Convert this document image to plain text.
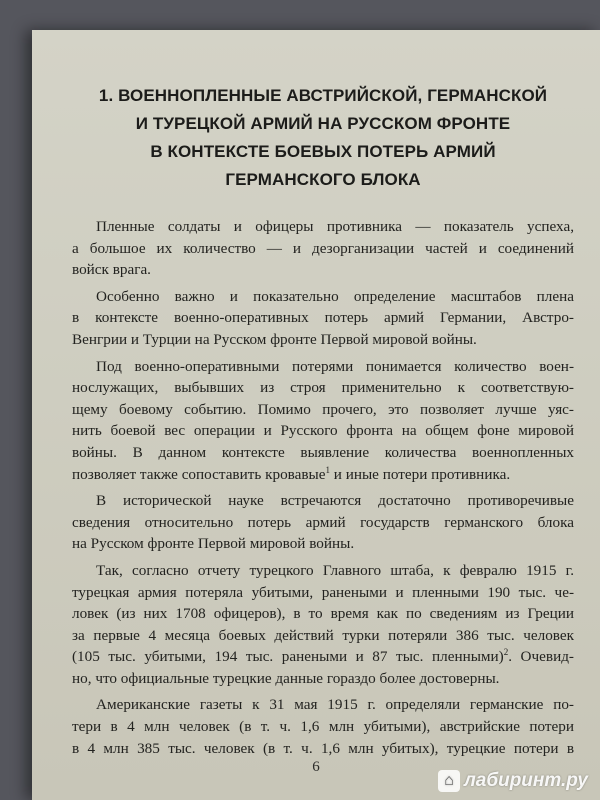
1. ВОЕННОПЛЕННЫЕ АВСТРИЙСКОЙ, ГЕРМАНСКОЙ
И ТУРЕЦКОЙ АРМИЙ НА РУССКОМ ФРОНТЕ
В КОНТЕКСТЕ БОЕВЫХ ПОТЕРЬ АРМИЙ
ГЕРМАНСКОГО БЛОКА

Пленные солдаты и офицеры противника — показатель успеха,
а большое их количество — и дезорганизации частей и соединений
войск врага.

Особенно важно и показательно определение масштабов плена
в контексте военно-оперативных потерь армий Германии, Австро-
Венгрии и Турции на Русском фронте Первой мировой войны.

Под военно-оперативными потерями понимается количество воен-
нослужащих, выбывших из строя применительно к соответствую-
щему боевому событию. Помимо прочего, это позволяет лучше уяс-
нить боевой вес операции и Русского фронта на общем фоне мировой
войны. В данном контексте выявление количества военнопленных
позволяет также сопоставить кровавые$^1$ и иные потери противника.

В исторической науке встречаются достаточно противоречивые
сведения относительно потерь армий государств германского блока
на Русском фронте Первой мировой войны.

Так, согласно отчету турецкого Главного штаба, к февралю 1915 г.
турецкая армия потеряла убитыми, ранеными и пленными 190 тыс. че-
ловек (из них 1708 офицеров), в то время как по сведениям из Греции
за первые 4 месяца боевых действий турки потеряли 386 тыс. человек
(105 тыс. убитыми, 194 тыс. ранеными и 87 тыс. пленными)$^2$. Очевид-
но, что официальные турецкие данные гораздо более достоверны.

Американские газеты к 31 мая 1915 г. определяли германские по-
тери в 4 млн человек (в т. ч. 1,6 млн убитыми), австрийские потери
в 4 млн 385 тыс. человек (в т. ч. 1,6 млн убитых), турецкие потери в

6
⌂ лабиринт.ру
